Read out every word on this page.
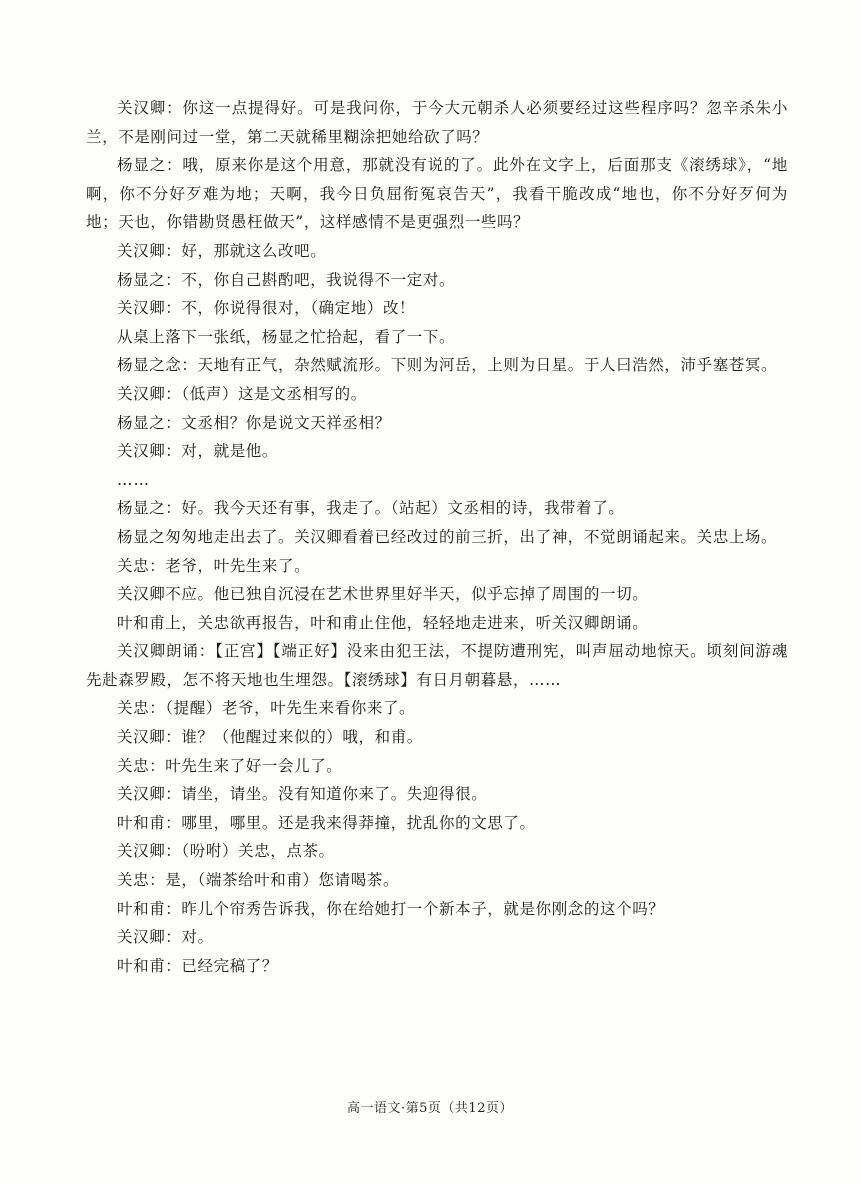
关汉卿：你这一点提得好。可是我问你，于今大元朝杀人必须要经过这些程序吗？忽辛杀朱小兰，不是刚问过一堂，第二天就稀里糊涂把她给砍了吗？

杨显之：哦，原来你是这个用意，那就没有说的了。此外在文字上，后面那支《滚绣球》，“地啊，你不分好歹难为地；天啊，我今日负屈衔冤哀告天”，我看干脆改成“地也，你不分好歹何为地；天也，你错勘贤愚枉做天”，这样感情不是更强烈一些吗？

关汉卿：好，那就这么改吧。

杨显之：不，你自己斟酌吧，我说得不一定对。

关汉卿：不，你说得很对，（确定地）改！

从桌上落下一张纸，杨显之忙拾起，看了一下。

杨显之念：天地有正气，杂然赋流形。下则为河岳，上则为日星。于人曰浩然，沛乎塞苍冥。

关汉卿：（低声）这是文丞相写的。

杨显之：文丞相？你是说文天祥丞相？

关汉卿：对，就是他。

……

杨显之：好。我今天还有事，我走了。（站起）文丞相的诗，我带着了。

杨显之匆匆地走出去了。关汉卿看着已经改过的前三折，出了神，不觉朗诵起来。关忠上场。

关忠：老爷，叶先生来了。

关汉卿不应。他已独自沉浸在艺术世界里好半天，似乎忘掉了周围的一切。

叶和甫上，关忠欲再报告，叶和甫止住他，轻轻地走进来，听关汉卿朗诵。

关汉卿朗诵：【正宫】【端正好】没来由犯王法，不提防遭刑宪，叫声屈动地惊天。顷刻间游魂先赴森罗殿，怎不将天地也生埋怨。【滚绣球】有日月朝暮悬，……

关忠：（提醒）老爷，叶先生来看你来了。

关汉卿：谁？（他醒过来似的）哦，和甫。

关忠：叶先生来了好一会儿了。

关汉卿：请坐，请坐。没有知道你来了。失迎得很。

叶和甫：哪里，哪里。还是我来得莽撞，扰乱你的文思了。

关汉卿：（吩咐）关忠，点茶。

关忠：是，（端茶给叶和甫）您请喝茶。

叶和甫：昨儿个帘秀告诉我，你在给她打一个新本子，就是你刚念的这个吗？

关汉卿：对。

叶和甫：已经完稿了？

高一语文·第5页（共12页）
